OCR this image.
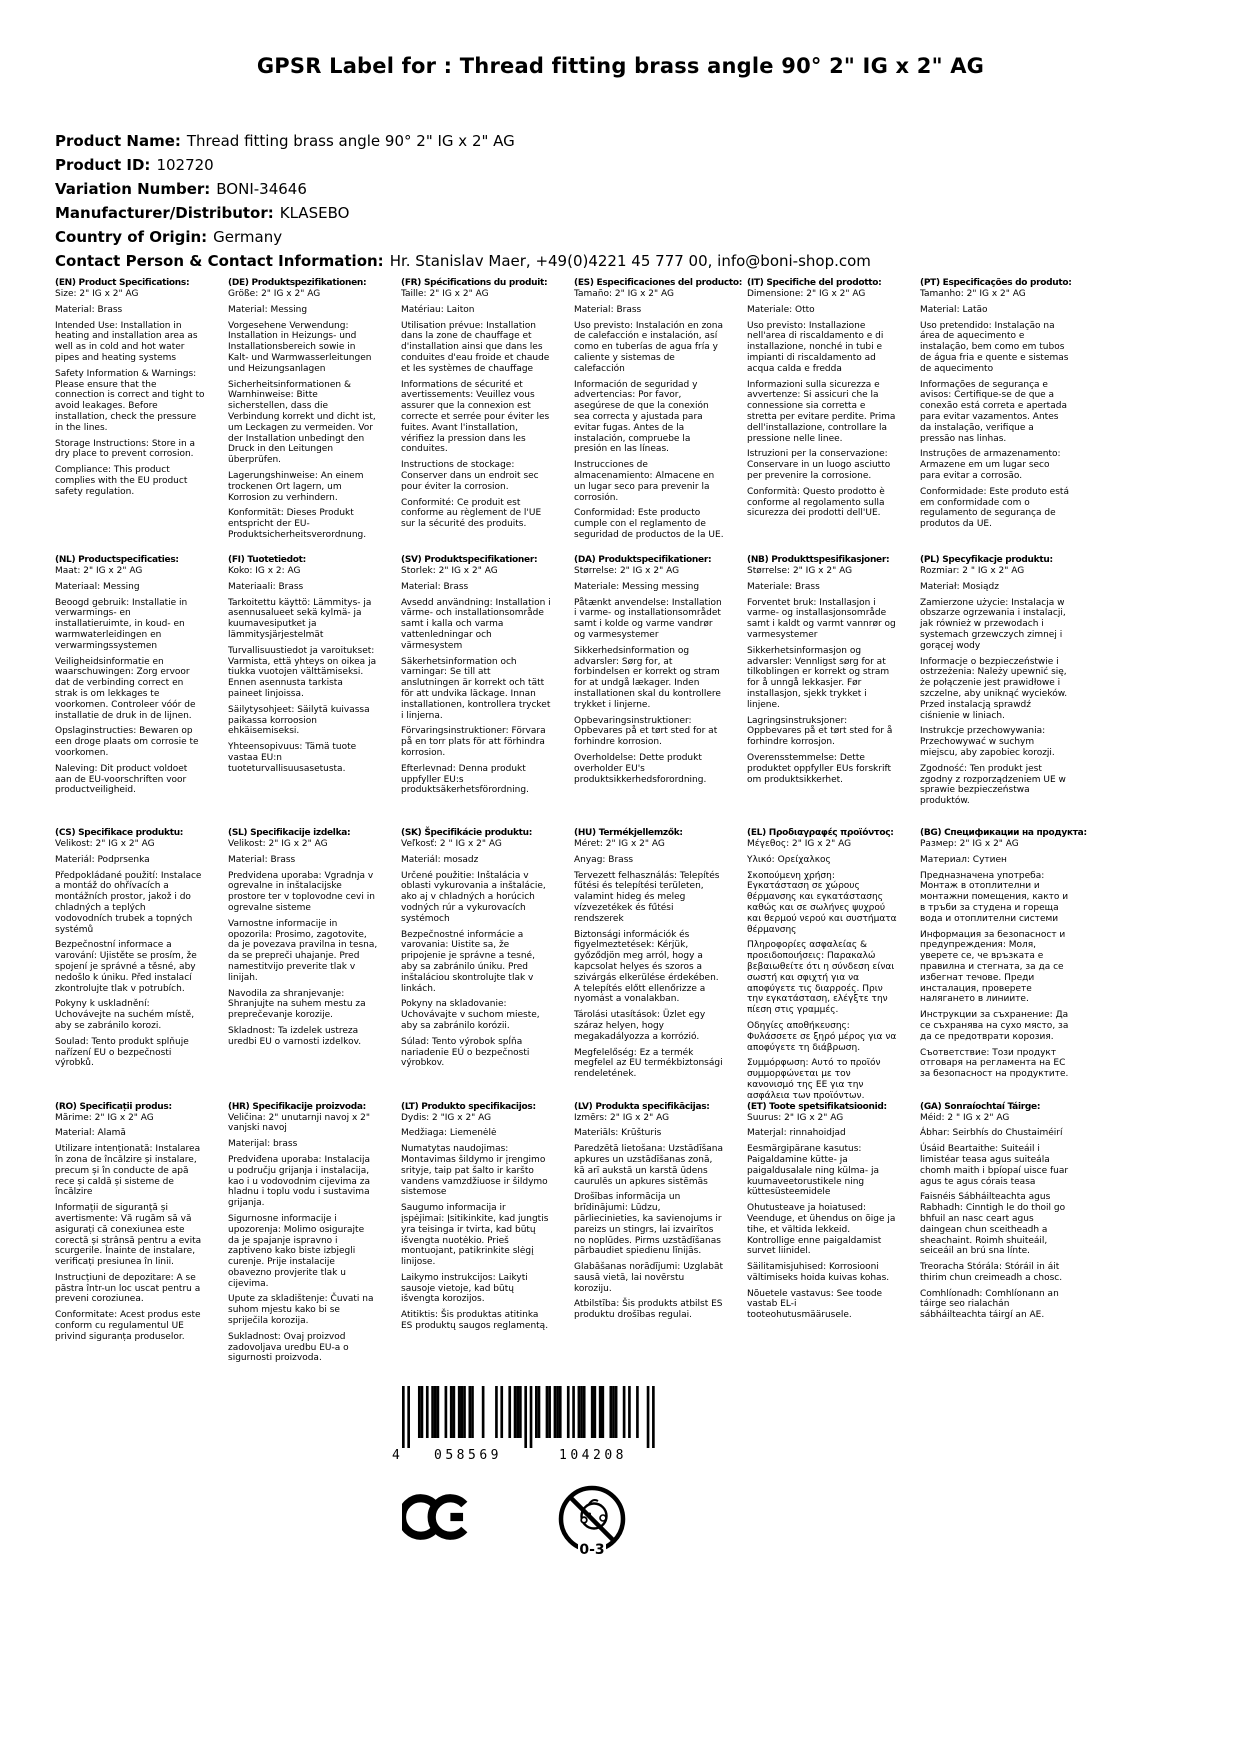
GPSR Label for : Thread fitting brass angle 90° 2" IG x 2" AG
Product Name: Thread fitting brass angle 90° 2" IG x 2" AG
Product ID: 102720
Variation Number: BONI-34646
Manufacturer/Distributor: KLASEBO
Country of Origin: Germany
Contact Person & Contact Information: Hr. Stanislav Maer, +49(0)4221 45 777 00, info@boni-shop.com

(EN) Product Specifications:

Size: 2" IG x 2" AG

Material: Brass

Intended Use: Installation in heating and installation area as well as in cold and hot water pipes and heating systems

Safety Information & Warnings: Please ensure that the connection is correct and tight to avoid leakages. Before installation, check the pressure in the lines.

Storage Instructions: Store in a dry place to prevent corrosion.

Compliance: This product complies with the EU product safety regulation.

(DE) Produktspezifikationen:

Größe: 2" IG x 2" AG

Material: Messing

Vorgesehene Verwendung: Installation in Heizungs- und Installationsbereich sowie in Kalt- und Warmwasserleitungen und Heizungsanlagen

Sicherheitsinformationen & Warnhinweise: Bitte sicherstellen, dass die Verbindung korrekt und dicht ist, um Leckagen zu vermeiden. Vor der Installation unbedingt den Druck in den Leitungen überprüfen.

Lagerungshinweise: An einem trockenen Ort lagern, um Korrosion zu verhindern.

Konformität: Dieses Produkt entspricht der EU-Produktsicherheitsverordnung.

(FR) Spécifications du produit:

Taille: 2" IG x 2" AG

Matériau: Laiton

Utilisation prévue: Installation dans la zone de chauffage et d'installation ainsi que dans les conduites d'eau froide et chaude et les systèmes de chauffage

Informations de sécurité et avertissements: Veuillez vous assurer que la connexion est correcte et serrée pour éviter les fuites. Avant l'installation, vérifiez la pression dans les conduites.

Instructions de stockage: Conserver dans un endroit sec pour éviter la corrosion.

Conformité: Ce produit est conforme au règlement de l'UE sur la sécurité des produits.

(ES) Especificaciones del producto:

Tamaño: 2" IG x 2" AG

Material: Brass

Uso previsto: Instalación en zona de calefacción e instalación, así como en tuberías de agua fría y caliente y sistemas de calefacción

Información de seguridad y advertencias: Por favor, asegúrese de que la conexión sea correcta y ajustada para evitar fugas. Antes de la instalación, compruebe la presión en las líneas.

Instrucciones de almacenamiento: Almacene en un lugar seco para prevenir la corrosión.

Conformidad: Este producto cumple con el reglamento de seguridad de productos de la UE.

(IT) Specifiche del prodotto:

Dimensione: 2" IG x 2" AG

Materiale: Otto

Uso previsto: Installazione nell'area di riscaldamento e di installazione, nonché in tubi e impianti di riscaldamento ad acqua calda e fredda

Informazioni sulla sicurezza e avvertenze: Si assicuri che la connessione sia corretta e stretta per evitare perdite. Prima dell'installazione, controllare la pressione nelle linee.

Istruzioni per la conservazione: Conservare in un luogo asciutto per prevenire la corrosione.

Conformità: Questo prodotto è conforme al regolamento sulla sicurezza dei prodotti dell'UE.

(PT) Especificações do produto:

Tamanho: 2" IG x 2" AG

Material: Latão

Uso pretendido: Instalação na área de aquecimento e instalação, bem como em tubos de água fria e quente e sistemas de aquecimento

Informações de segurança e avisos: Certifique-se de que a conexão está correta e apertada para evitar vazamentos. Antes da instalação, verifique a pressão nas linhas.

Instruções de armazenamento: Armazene em um lugar seco para evitar a corrosão.

Conformidade: Este produto está em conformidade com o regulamento de segurança de produtos da UE.

(NL) Productspecificaties:

Maat: 2" IG x 2" AG

Materiaal: Messing

Beoogd gebruik: Installatie in verwarmings- en installatieruimte, in koud- en warmwaterleidingen en verwarmingssystemen

Veiligheidsinformatie en waarschuwingen: Zorg ervoor dat de verbinding correct en strak is om lekkages te voorkomen. Controleer vóór de installatie de druk in de lijnen.

Opslaginstructies: Bewaren op een droge plaats om corrosie te voorkomen.

Naleving: Dit product voldoet aan de EU-voorschriften voor productveiligheid.

(FI) Tuotetiedot:

Koko: IG x 2: AG

Materiaali: Brass

Tarkoitettu käyttö: Lämmitys- ja asennusalueet sekä kylmä- ja kuumavesiputket ja lämmitysjärjestelmät

Turvallisuustiedot ja varoitukset: Varmista, että yhteys on oikea ja tiukka vuotojen välttämiseksi. Ennen asennusta tarkista paineet linjoissa.

Säilytysohjeet: Säilytä kuivassa paikassa korroosion ehkäisemiseksi.

Yhteensopivuus: Tämä tuote vastaa EU:n tuoteturvallisuusasetusta.

(SV) Produktspecifikationer:

Storlek: 2" IG x 2" AG

Material: Brass

Avsedd användning: Installation i värme- och installationsområde samt i kalla och varma vattenledningar och värmesystem

Säkerhetsinformation och varningar: Se till att anslutningen är korrekt och tätt för att undvika läckage. Innan installationen, kontrollera trycket i linjerna.

Förvaringsinstruktioner: Förvara på en torr plats för att förhindra korrosion.

Efterlevnad: Denna produkt uppfyller EU:s produktsäkerhetsförordning.

(DA) Produktspecifikationer:

Størrelse: 2" IG x 2" AG

Materiale: Messing messing

Påtænkt anvendelse: Installation i varme- og installationsområdet samt i kolde og varme vandrør og varmesystemer

Sikkerhedsinformation og advarsler: Sørg for, at forbindelsen er korrekt og stram for at undgå lækager. Inden installationen skal du kontrollere trykket i linjerne.

Opbevaringsinstruktioner: Opbevares på et tørt sted for at forhindre korrosion.

Overholdelse: Dette produkt overholder EU's produktsikkerhedsforordning.

(NB) Produkttspesifikasjoner:

Størrelse: 2" IG x 2" AG

Materiale: Brass

Forventet bruk: Installasjon i varme- og installasjonsområde samt i kaldt og varmt vannrør og varmesystemer

Sikkerhetsinformasjon og advarsler: Vennligst sørg for at tilkoblingen er korrekt og stram for å unngå lekkasjer. Før installasjon, sjekk trykket i linjene.

Lagringsinstruksjoner: Oppbevares på et tørt sted for å forhindre korrosjon.

Overensstemmelse: Dette produktet oppfyller EUs forskrift om produktsikkerhet.

(PL) Specyfikacje produktu:

Rozmiar: 2 " IG x 2" AG

Materiał: Mosiądz

Zamierzone użycie: Instalacja w obszarze ogrzewania i instalacji, jak również w przewodach i systemach grzewczych zimnej i gorącej wody

Informacje o bezpieczeństwie i ostrzeżenia: Należy upewnić się, że połączenie jest prawidłowe i szczelne, aby uniknąć wycieków. Przed instalacją sprawdź ciśnienie w liniach.

Instrukcje przechowywania: Przechowywać w suchym miejscu, aby zapobiec korozji.

Zgodność: Ten produkt jest zgodny z rozporządzeniem UE w sprawie bezpieczeństwa produktów.

(CS) Specifikace produktu:

Velikost: 2" IG x 2" AG

Materiál: Podprsenka

Předpokládané použití: Instalace a montáž do ohřívacích a montážních prostor, jakož i do chladných a teplých vodovodních trubek a topných systémů

Bezpečnostní informace a varování: Ujistěte se prosím, že spojení je správné a těsné, aby nedošlo k úniku. Před instalací zkontrolujte tlak v potrubích.

Pokyny k uskladnění: Uchovávejte na suchém místě, aby se zabránilo korozi.

Soulad: Tento produkt splňuje nařízení EU o bezpečnosti výrobků.

(SL) Specifikacije izdelka:

Velikost: 2" IG x 2" AG

Material: Brass

Predvidena uporaba: Vgradnja v ogrevalne in inštalacijske prostore ter v toplovodne cevi in ogrevalne sisteme

Varnostne informacije in opozorila: Prosimo, zagotovite, da je povezava pravilna in tesna, da se prepreči uhajanje. Pred namestitvijo preverite tlak v linijah.

Navodila za shranjevanje: Shranjujte na suhem mestu za preprečevanje korozije.

Skladnost: Ta izdelek ustreza uredbi EU o varnosti izdelkov.

(SK) Špecifikácie produktu:

Veľkosť: 2 " IG x 2" AG

Materiál: mosadz

Určené použitie: Inštalácia v oblasti vykurovania a inštalácie, ako aj v chladných a horúcich vodných rúr a vykurovacích systémoch

Bezpečnostné informácie a varovania: Uistite sa, že pripojenie je správne a tesné, aby sa zabránilo úniku. Pred inštaláciou skontrolujte tlak v linkách.

Pokyny na skladovanie: Uchovávajte v suchom mieste, aby sa zabránilo korózii.

Súlad: Tento výrobok spĺňa nariadenie EÚ o bezpečnosti výrobkov.

(HU) Termékjellemzők:

Méret: 2" IG x 2" AG

Anyag: Brass

Tervezett felhasználás: Telepítés fűtési és telepítési területen, valamint hideg és meleg vízvezetékek és fűtési rendszerek

Biztonsági információk és figyelmeztetések: Kérjük, győződjön meg arról, hogy a kapcsolat helyes és szoros a szivárgás elkerülése érdekében. A telepítés előtt ellenőrizze a nyomást a vonalakban.

Tárolási utasítások: Üzlet egy száraz helyen, hogy megakadályozza a korrózió.

Megfelelőség: Ez a termék megfelel az EU termékbiztonsági rendeletének.

(EL) Προδιαγραφές προϊόντος:

Μέγεθος: 2" IG x 2" AG

Υλικό: Ορείχαλκος

Σκοπούμενη χρήση: Εγκατάσταση σε χώρους θέρμανσης και εγκατάστασης καθώς και σε σωλήνες ψυχρού και θερμού νερού και συστήματα θέρμανσης

Πληροφορίες ασφαλείας & προειδοποιήσεις: Παρακαλώ βεβαιωθείτε ότι η σύνδεση είναι σωστή και σφιχτή για να αποφύγετε τις διαρροές. Πριν την εγκατάσταση, ελέγξτε την πίεση στις γραμμές.

Οδηγίες αποθήκευσης: Φυλάσσετε σε ξηρό μέρος για να αποφύγετε τη διάβρωση.

Συμμόρφωση: Αυτό το προϊόν συμμορφώνεται με τον κανονισμό της ΕΕ για την ασφάλεια των προϊόντων.

(BG) Спецификации на продукта:

Размер: 2" IG x 2" AG

Материал: Сутиен

Предназначена употреба: Монтаж в отоплителни и монтажни помещения, както и в тръби за студена и гореща вода и отоплителни системи

Информация за безопасност и предупреждения: Моля, уверете се, че връзката е правилна и стегната, за да се избегнат течове. Преди инсталация, проверете налягането в линиите.

Инструкции за съхранение: Да се съхранява на сухо място, за да се предотврати корозия.

Съответствие: Този продукт отговаря на регламента на ЕС за безопасност на продуктите.

(RO) Specificații produs:

Mărime: 2" IG x 2" AG

Material: Alamă

Utilizare intenționată: Instalarea în zona de încălzire și instalare, precum și în conducte de apă rece și caldă și sisteme de încălzire

Informații de siguranță și avertismente: Vă rugăm să vă asigurați că conexiunea este corectă și strânsă pentru a evita scurgerile. Înainte de instalare, verificați presiunea în linii.

Instrucțiuni de depozitare: A se păstra într-un loc uscat pentru a preveni coroziunea.

Conformitate: Acest produs este conform cu regulamentul UE privind siguranța produselor.

(HR) Specifikacije proizvoda:

Veličina: 2" unutarnji navoj x 2" vanjski navoj

Materijal: brass

Predviđena uporaba: Instalacija u području grijanja i instalacija, kao i u vodovodnim cijevima za hladnu i toplu vodu i sustavima grijanja.

Sigurnosne informacije i upozorenja: Molimo osigurajte da je spajanje ispravno i zaptiveno kako biste izbjegli curenje. Prije instalacije obavezno provjerite tlak u cijevima.

Upute za skladištenje: Čuvati na suhom mjestu kako bi se spriječila korozija.

Sukladnost: Ovaj proizvod zadovoljava uredbu EU-a o sigurnosti proizvoda.

(LT) Produkto specifikacijos:

Dydis: 2 "IG x 2" AG

Medžiaga: Liemenėlė

Numatytas naudojimas: Montavimas šildymo ir įrengimo srityje, taip pat šalto ir karšto vandens vamzdžiuose ir šildymo sistemose

Saugumo informacija ir įspėjimai: Įsitikinkite, kad jungtis yra teisinga ir tvirta, kad būtų išvengta nuotėkio. Prieš montuojant, patikrinkite slėgį linijose.

Laikymo instrukcijos: Laikyti sausoje vietoje, kad būtų išvengta korozijos.

Atitiktis: Šis produktas atitinka ES produktų saugos reglamentą.

(LV) Produkta specifikācijas:

Izmērs: 2" IG x 2" AG

Materiāls: Krūšturis

Paredzētā lietošana: Uzstādīšana apkures un uzstādīšanas zonā, kā arī aukstā un karstā ūdens caurulēs un apkures sistēmās

Drošības informācija un brīdinājumi: Lūdzu, pārliecinieties, ka savienojums ir pareizs un stingrs, lai izvairītos no noplūdes. Pirms uzstādīšanas pārbaudiet spiedienu līnijās.

Glabāšanas norādījumi: Uzglabāt sausā vietā, lai novērstu koroziju.

Atbilstība: Šis produkts atbilst ES produktu drošības regulai.

(ET) Toote spetsifikatsioonid:

Suurus: 2" IG x 2" AG

Materjal: rinnahoidjad

Eesmärgipärane kasutus: Paigaldamine kütte- ja paigaldusalale ning külma- ja kuumaveetorustikele ning küttesüsteemidele

Ohutusteave ja hoiatused: Veenduge, et ühendus on õige ja tihe, et vältida lekkeid. Kontrollige enne paigaldamist survet liinidel.

Säilitamisjuhised: Korrosiooni vältimiseks hoida kuivas kohas.

Nõuetele vastavus: See toode vastab EL-i tooteohutusmäärusele.

(GA) Sonraíochtaí Táirge:

Méid: 2 " IG x 2" AG

Ábhar: Seirbhís do Chustaiméirí

Úsáid Beartaithe: Suiteáil i limistéar teasa agus suiteála chomh maith i bpíopaí uisce fuar agus te agus córais teasa

Faisnéis Sábháilteachta agus Rabhadh: Cinntigh le do thoil go bhfuil an nasc ceart agus daingean chun sceitheadh a sheachaint. Roimh shuiteáil, seiceáil an brú sna línte.

Treoracha Stórála: Stóráil in áit thirim chun creimeadh a chosc.

Comhlíonadh: Comhlíonann an táirge seo rialachán sábháilteachta táirgí an AE.

4	058569	104208
0-3
